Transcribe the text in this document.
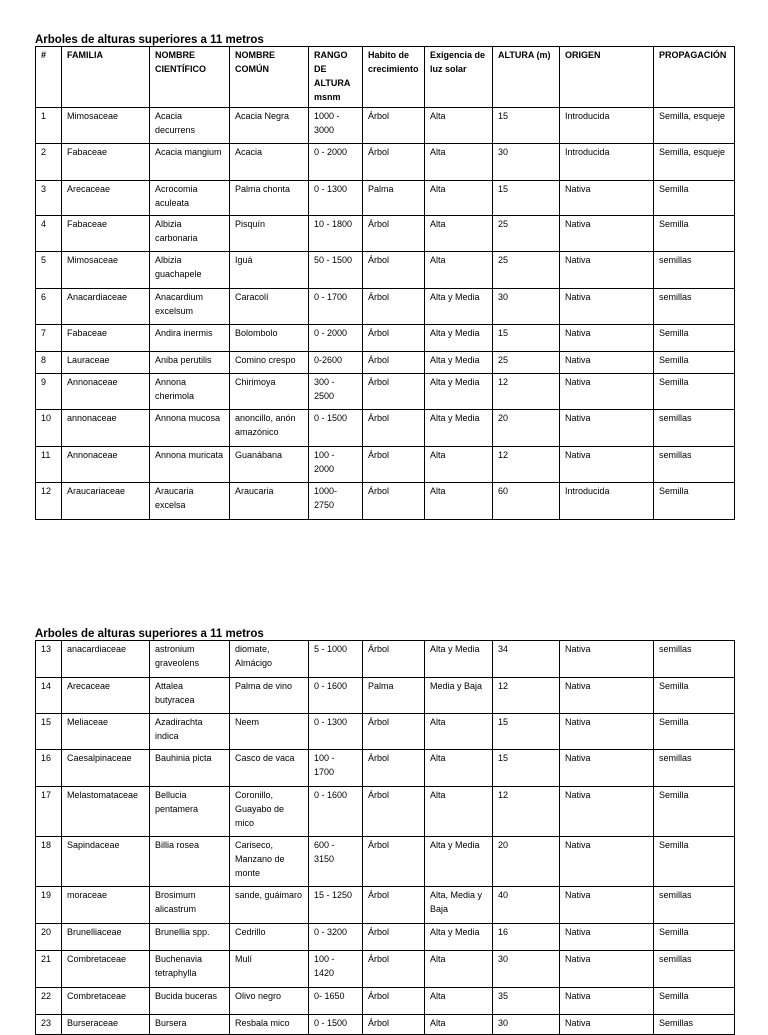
Arboles de alturas superiores a 11 metros
#	FAMILIA	NOMBRE CIENTÍFICO	NOMBRE COMÚN	RANGO DE ALTURA msnm	Habito de crecimiento	Exigencia de luz solar	ALTURA (m)	ORIGEN	PROPAGACIÓN
1	Mimosaceae	Acacia decurrens	Acacia Negra	1000 - 3000	Árbol	Alta	15	Introducida	Semilla, esqueje
2	Fabaceae	Acacia mangium	Acacia	0 - 2000	Árbol	Alta	30	Introducida	Semilla, esqueje
3	Arecaceae	Acrocomia aculeata	Palma chonta	0 - 1300	Palma	Alta	15	Nativa	Semilla
4	Fabaceae	Albizia carbonaria	Pisquín	10 - 1800	Árbol	Alta	25	Nativa	Semilla
5	Mimosaceae	Albizia guachapele	Iguá	50 - 1500	Árbol	Alta	25	Nativa	semillas
6	Anacardiaceae	Anacardium excelsum	Caracolí	0 - 1700	Árbol	Alta y Media	30	Nativa	semillas
7	Fabaceae	Andira inermis	Bolombolo	0 - 2000	Árbol	Alta y Media	15	Nativa	Semilla
8	Lauraceae	Aniba perutilis	Comino crespo	0-2600	Árbol	Alta y Media	25	Nativa	Semilla
9	Annonaceae	Annona cherimola	Chirimoya	300 - 2500	Árbol	Alta y Media	12	Nativa	Semilla
10	annonaceae	Annona mucosa	anoncillo, anón amazónico	0 - 1500	Árbol	Alta y Media	20	Nativa	semillas
11	Annonaceae	Annona muricata	Guanábana	100 - 2000	Árbol	Alta	12	Nativa	semillas
12	Araucariaceae	Araucaria excelsa	Araucaria	1000- 2750	Árbol	Alta	60	Introducida	Semilla
Arboles de alturas superiores a 11 metros
13	anacardiaceae	astronium graveolens	diomate, Almácigo	5 - 1000	Árbol	Alta y Media	34	Nativa	semillas
14	Arecaceae	Attalea butyracea	Palma de vino	0 - 1600	Palma	Media y Baja	12	Nativa	Semilla
15	Meliaceae	Azadirachta indica	Neem	0 - 1300	Árbol	Alta	15	Nativa	Semilla
16	Caesalpinaceae	Bauhinia picta	Casco de vaca	100 - 1700	Árbol	Alta	15	Nativa	semillas
17	Melastomataceae	Bellucia pentamera	Coronillo, Guayabo de mico	0 - 1600	Árbol	Alta	12	Nativa	Semilla
18	Sapindaceae	Billia rosea	Cariseco, Manzano de monte	600 - 3150	Árbol	Alta y Media	20	Nativa	Semilla
19	moraceae	Brosimum alicastrum	sande, guáimaro	15 - 1250	Árbol	Alta, Media y Baja	40	Nativa	semillas
20	Brunelliaceae	Brunellia spp.	Cedrillo	0 - 3200	Árbol	Alta y Media	16	Nativa	Semilla
21	Combretaceae	Buchenavia tetraphylla	Mulí	100 - 1420	Árbol	Alta	30	Nativa	semillas
22	Combretaceae	Bucida buceras	Olivo negro	0- 1650	Árbol	Alta	35	Nativa	Semilla
23	Burseraceae	Bursera	Resbala mico	0 - 1500	Árbol	Alta	30	Nativa	Semillas
